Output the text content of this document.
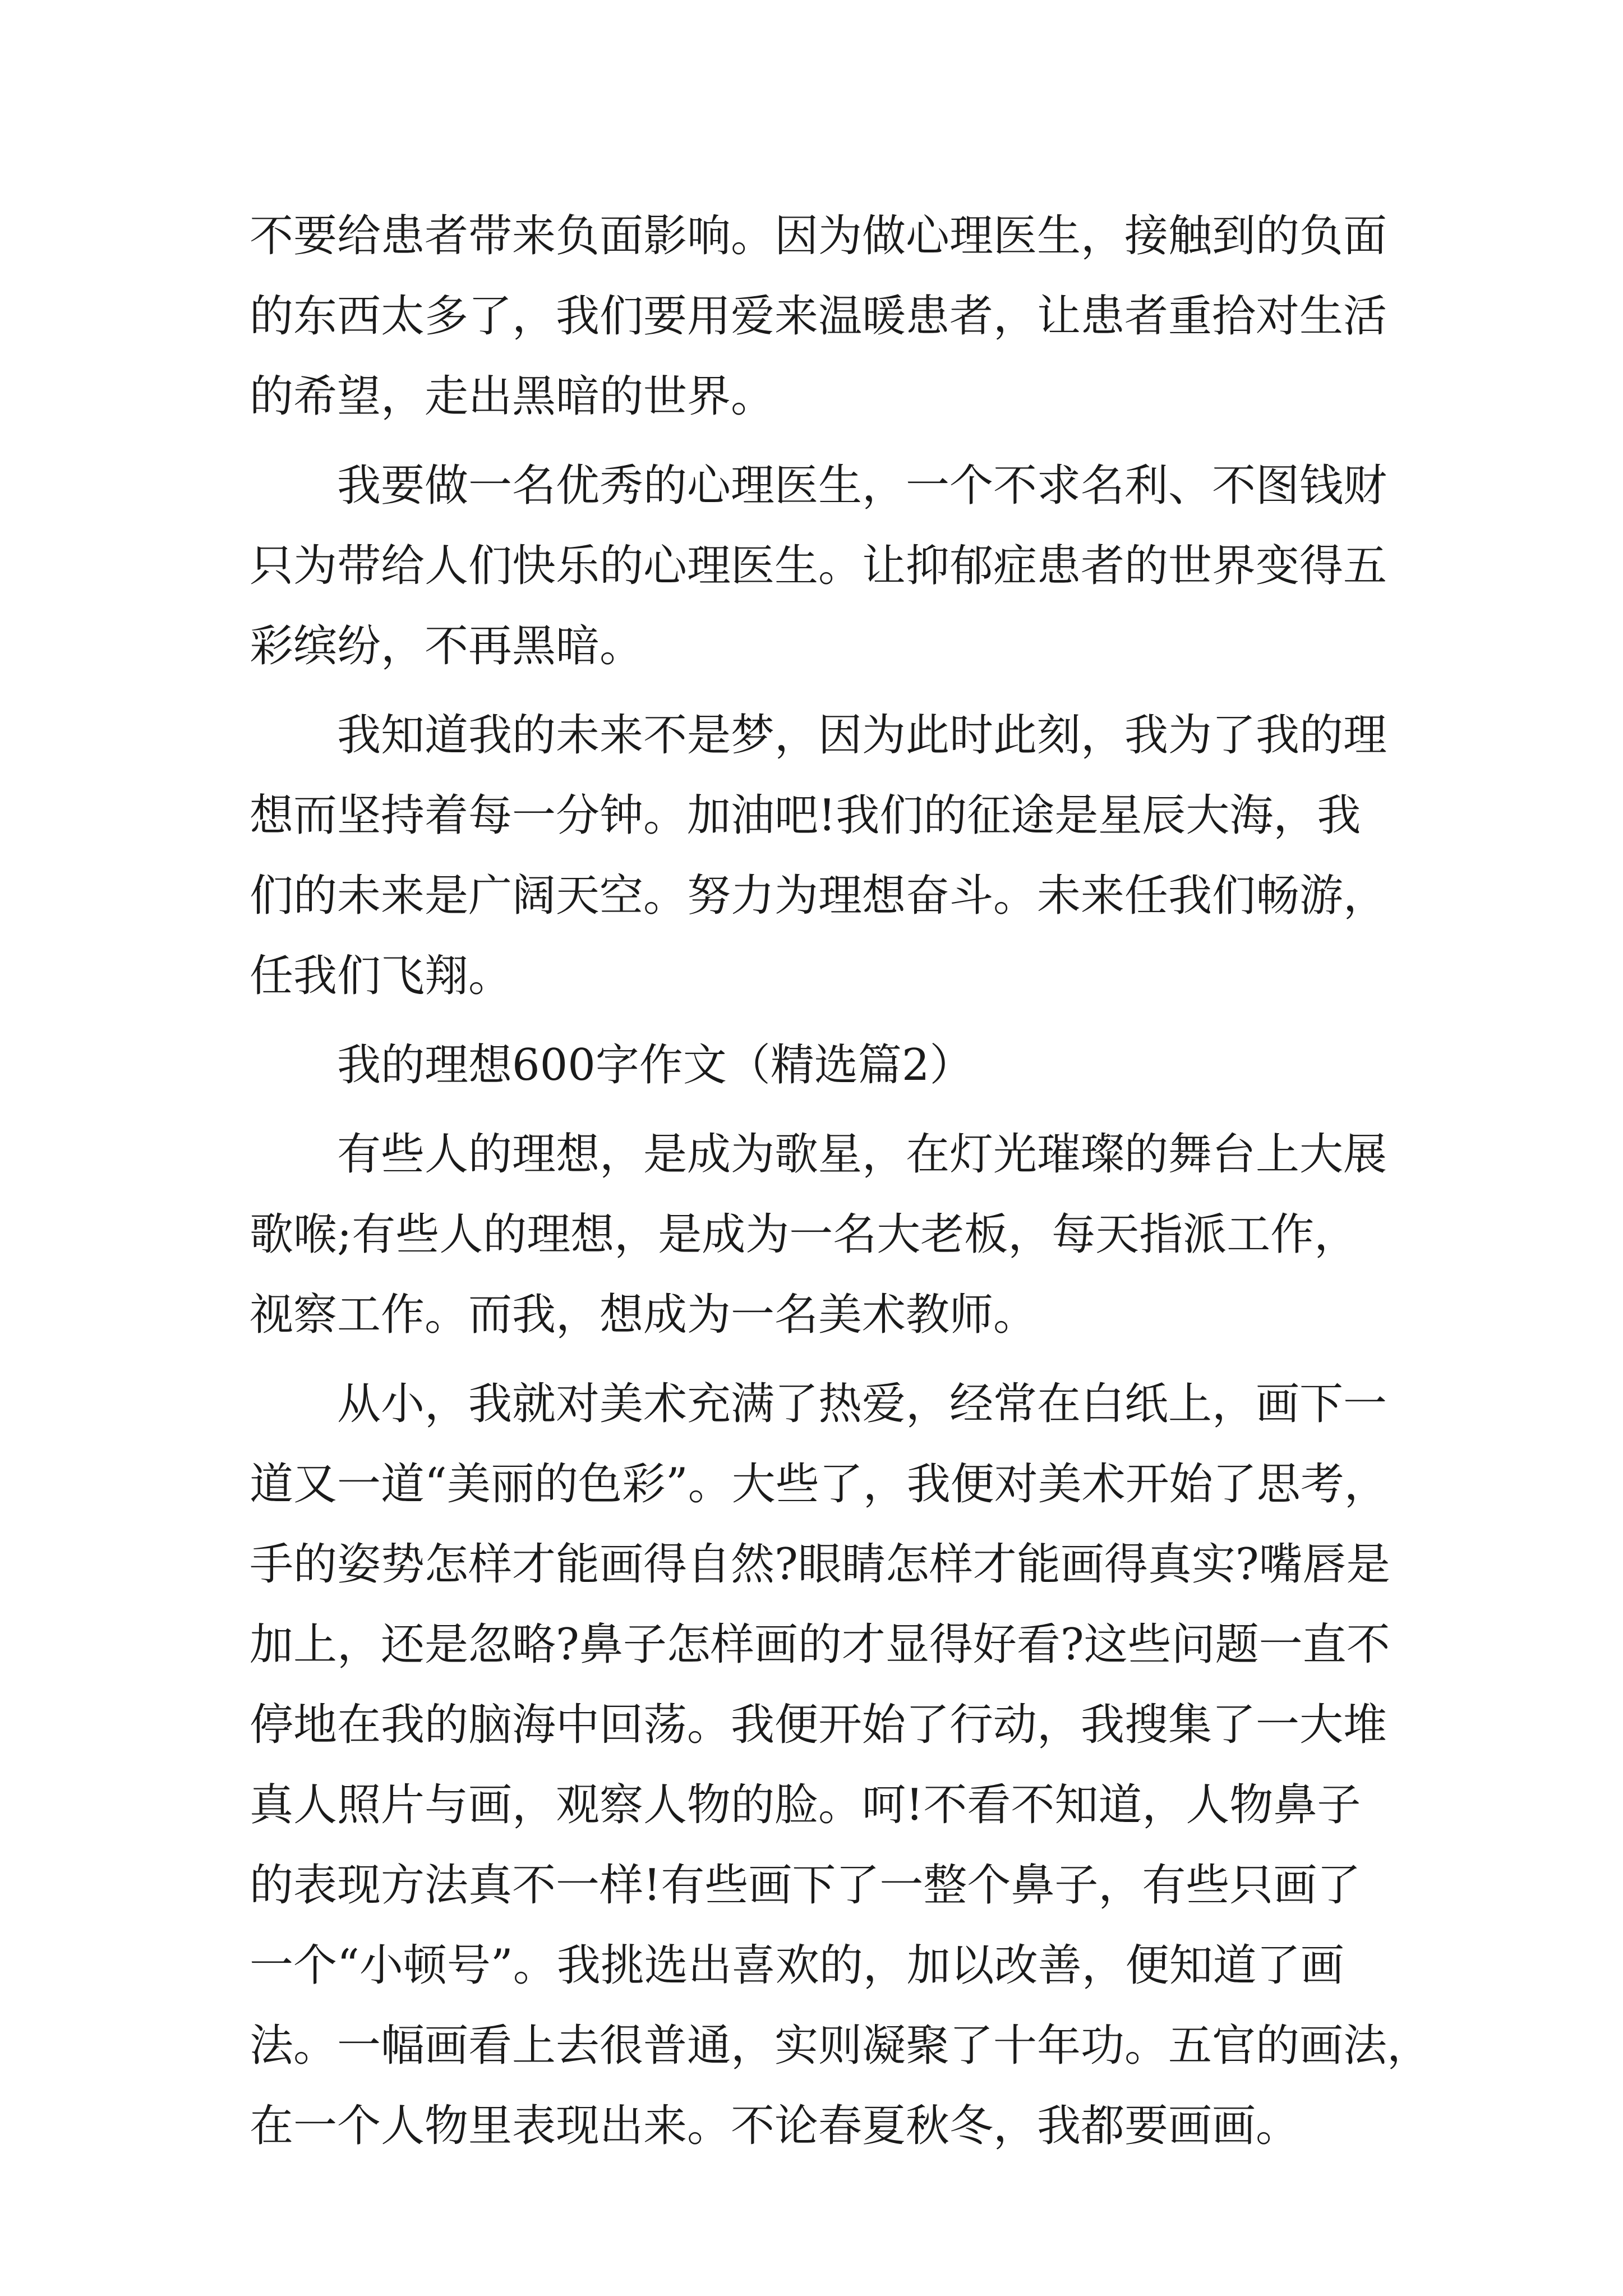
不要给患者带来负面影响。因为做心理医生，接触到的负面
的东西太多了，我们要用爱来温暖患者，让患者重拾对生活
的希望，走出黑暗的世界。
我要做一名优秀的心理医生，一个不求名利、不图钱财
只为带给人们快乐的心理医生。让抑郁症患者的世界变得五
彩缤纷，不再黑暗。
我知道我的未来不是梦，因为此时此刻，我为了我的理
想而坚持着每一分钟。加油吧!我们的征途是星辰大海，我
们的未来是广阔天空。努力为理想奋斗。未来任我们畅游，
任我们飞翔。
我的理想600字作文（精选篇2）
有些人的理想，是成为歌星，在灯光璀璨的舞台上大展
歌喉;有些人的理想，是成为一名大老板，每天指派工作，
视察工作。而我，想成为一名美术教师。
从小，我就对美术充满了热爱，经常在白纸上，画下一
道又一道“美丽的色彩”。大些了，我便对美术开始了思考，
手的姿势怎样才能画得自然?眼睛怎样才能画得真实?嘴唇是
加上，还是忽略?鼻子怎样画的才显得好看?这些问题一直不
停地在我的脑海中回荡。我便开始了行动，我搜集了一大堆
真人照片与画，观察人物的脸。呵!不看不知道，人物鼻子
的表现方法真不一样!有些画下了一整个鼻子，有些只画了
一个“小顿号”。我挑选出喜欢的，加以改善，便知道了画
法。一幅画看上去很普通，实则凝聚了十年功。五官的画法，
在一个人物里表现出来。不论春夏秋冬，我都要画画。
